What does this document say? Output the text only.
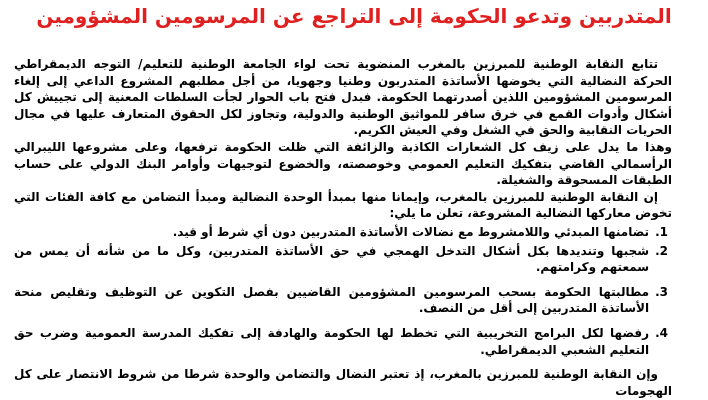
المتدربين وتدعو الحكومة إلى التراجع عن المرسومين المشؤومين

تتابع النقابة الوطنية للمبرزين بالمغرب المنضوية تحت لواء الجامعة الوطنية للتعليم/ التوجه الديمقراطي الحركة النضالية التي يخوضها الأساتذة المتدربون وطنيا وجهويا، من أجل مطلبهم المشروع الداعي إلى إلغاء المرسومين المشؤومين اللذين أصدرتهما الحكومة. فبدل فتح باب الحوار لجأت السلطات المعنية إلى تجييش كل أشكال وأدوات القمع في خرق سافر للمواثيق الوطنية والدولية، وتجاوز لكل الحقوق المتعارف عليها في مجال الحريات النقابية والحق في الشغل وفي العيش الكريم.

وهذا ما يدل على زيف كل الشعارات الكاذبة والزائفة التي ظلت الحكومة ترفعها، وعلى مشروعها الليبرالي الرأسمالي القاضي بتفكيك التعليم العمومي وخوصصته، والخضوع لتوجيهات وأوامر البنك الدولي على حساب الطبقات المسحوقة والشغيلة.

إن النقابة الوطنية للمبرزين بالمغرب، وإيمانا منها بمبدأ الوحدة النضالية ومبدأ التضامن مع كافة الفئات التي تخوض معاركها النضالية المشروعة، تعلن ما يلي:

1.
تضامنها المبدئي واللامشروط مع نضالات الأساتذة المتدربين دون أي شرط أو قيد.
2.
شجبها وتنديدها بكل أشكال التدخل الهمجي في حق الأساتذة المتدربين، وكل ما من شأنه أن يمس من سمعتهم وكرامتهم.
3.
مطالبتها الحكومة بسحب المرسومين المشؤومين القاضيين بفصل التكوين عن التوظيف وتقليص منحة الأساتذة المتدربين إلى أقل من النصف.
4.
رفضها لكل البرامج التخريبية التي تخطط لها الحكومة والهادفة إلى تفكيك المدرسة العمومية وضرب حق التعليم الشعبي الديمقراطي.

وإن النقابة الوطنية للمبرزين بالمغرب، إذ تعتبر النضال والتضامن والوحدة شرطا من شروط الانتصار على كل الهجومات
